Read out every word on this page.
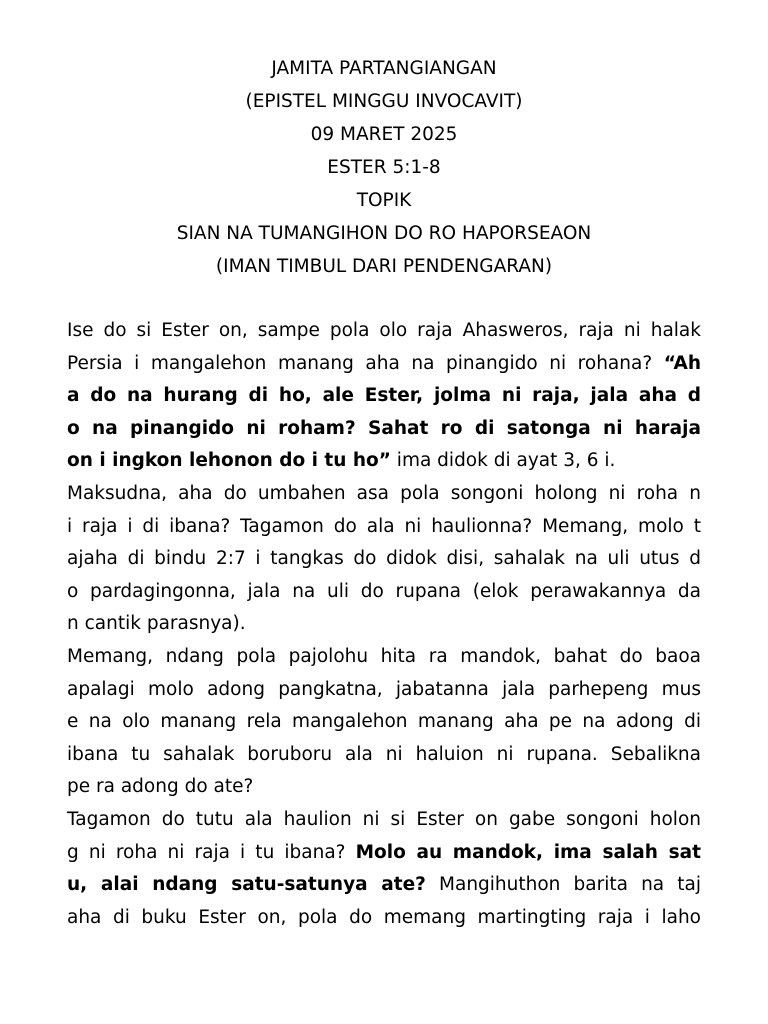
JAMITA PARTANGIANGAN
(EPISTEL MINGGU INVOCAVIT)
09 MARET 2025
ESTER 5:1-8
TOPIK
SIAN NA TUMANGIHON DO RO HAPORSEAON
(IMAN TIMBUL DARI PENDENGARAN)
Ise do si Ester on, sampe pola olo raja Ahasweros, raja ni halak
Persia i mangalehon manang aha na pinangido ni rohana? “Ah
a do na hurang di ho, ale Ester, jolma ni raja, jala aha d
o na pinangido ni roham? Sahat ro di satonga ni haraja
on i ingkon lehonon do i tu ho” ima didok di ayat 3, 6 i.
Maksudna, aha do umbahen asa pola songoni holong ni roha n
i raja i di ibana? Tagamon do ala ni haulionna? Memang, molo t
ajaha di bindu 2:7 i tangkas do didok disi, sahalak na uli utus d
o pardagingonna, jala na uli do rupana (elok perawakannya da
n cantik parasnya).
Memang, ndang pola pajolohu hita ra mandok, bahat do baoa
apalagi molo adong pangkatna, jabatanna jala parhepeng mus
e na olo manang rela mangalehon manang aha pe na adong di
ibana tu sahalak boruboru ala ni haluion ni rupana. Sebalikna
pe ra adong do ate?
Tagamon do tutu ala haulion ni si Ester on gabe songoni holon
g ni roha ni raja i tu ibana? Molo au mandok, ima salah sat
u, alai ndang satu-satunya ate? Mangihuthon barita na taj
aha di buku Ester on, pola do memang martingting raja i laho
